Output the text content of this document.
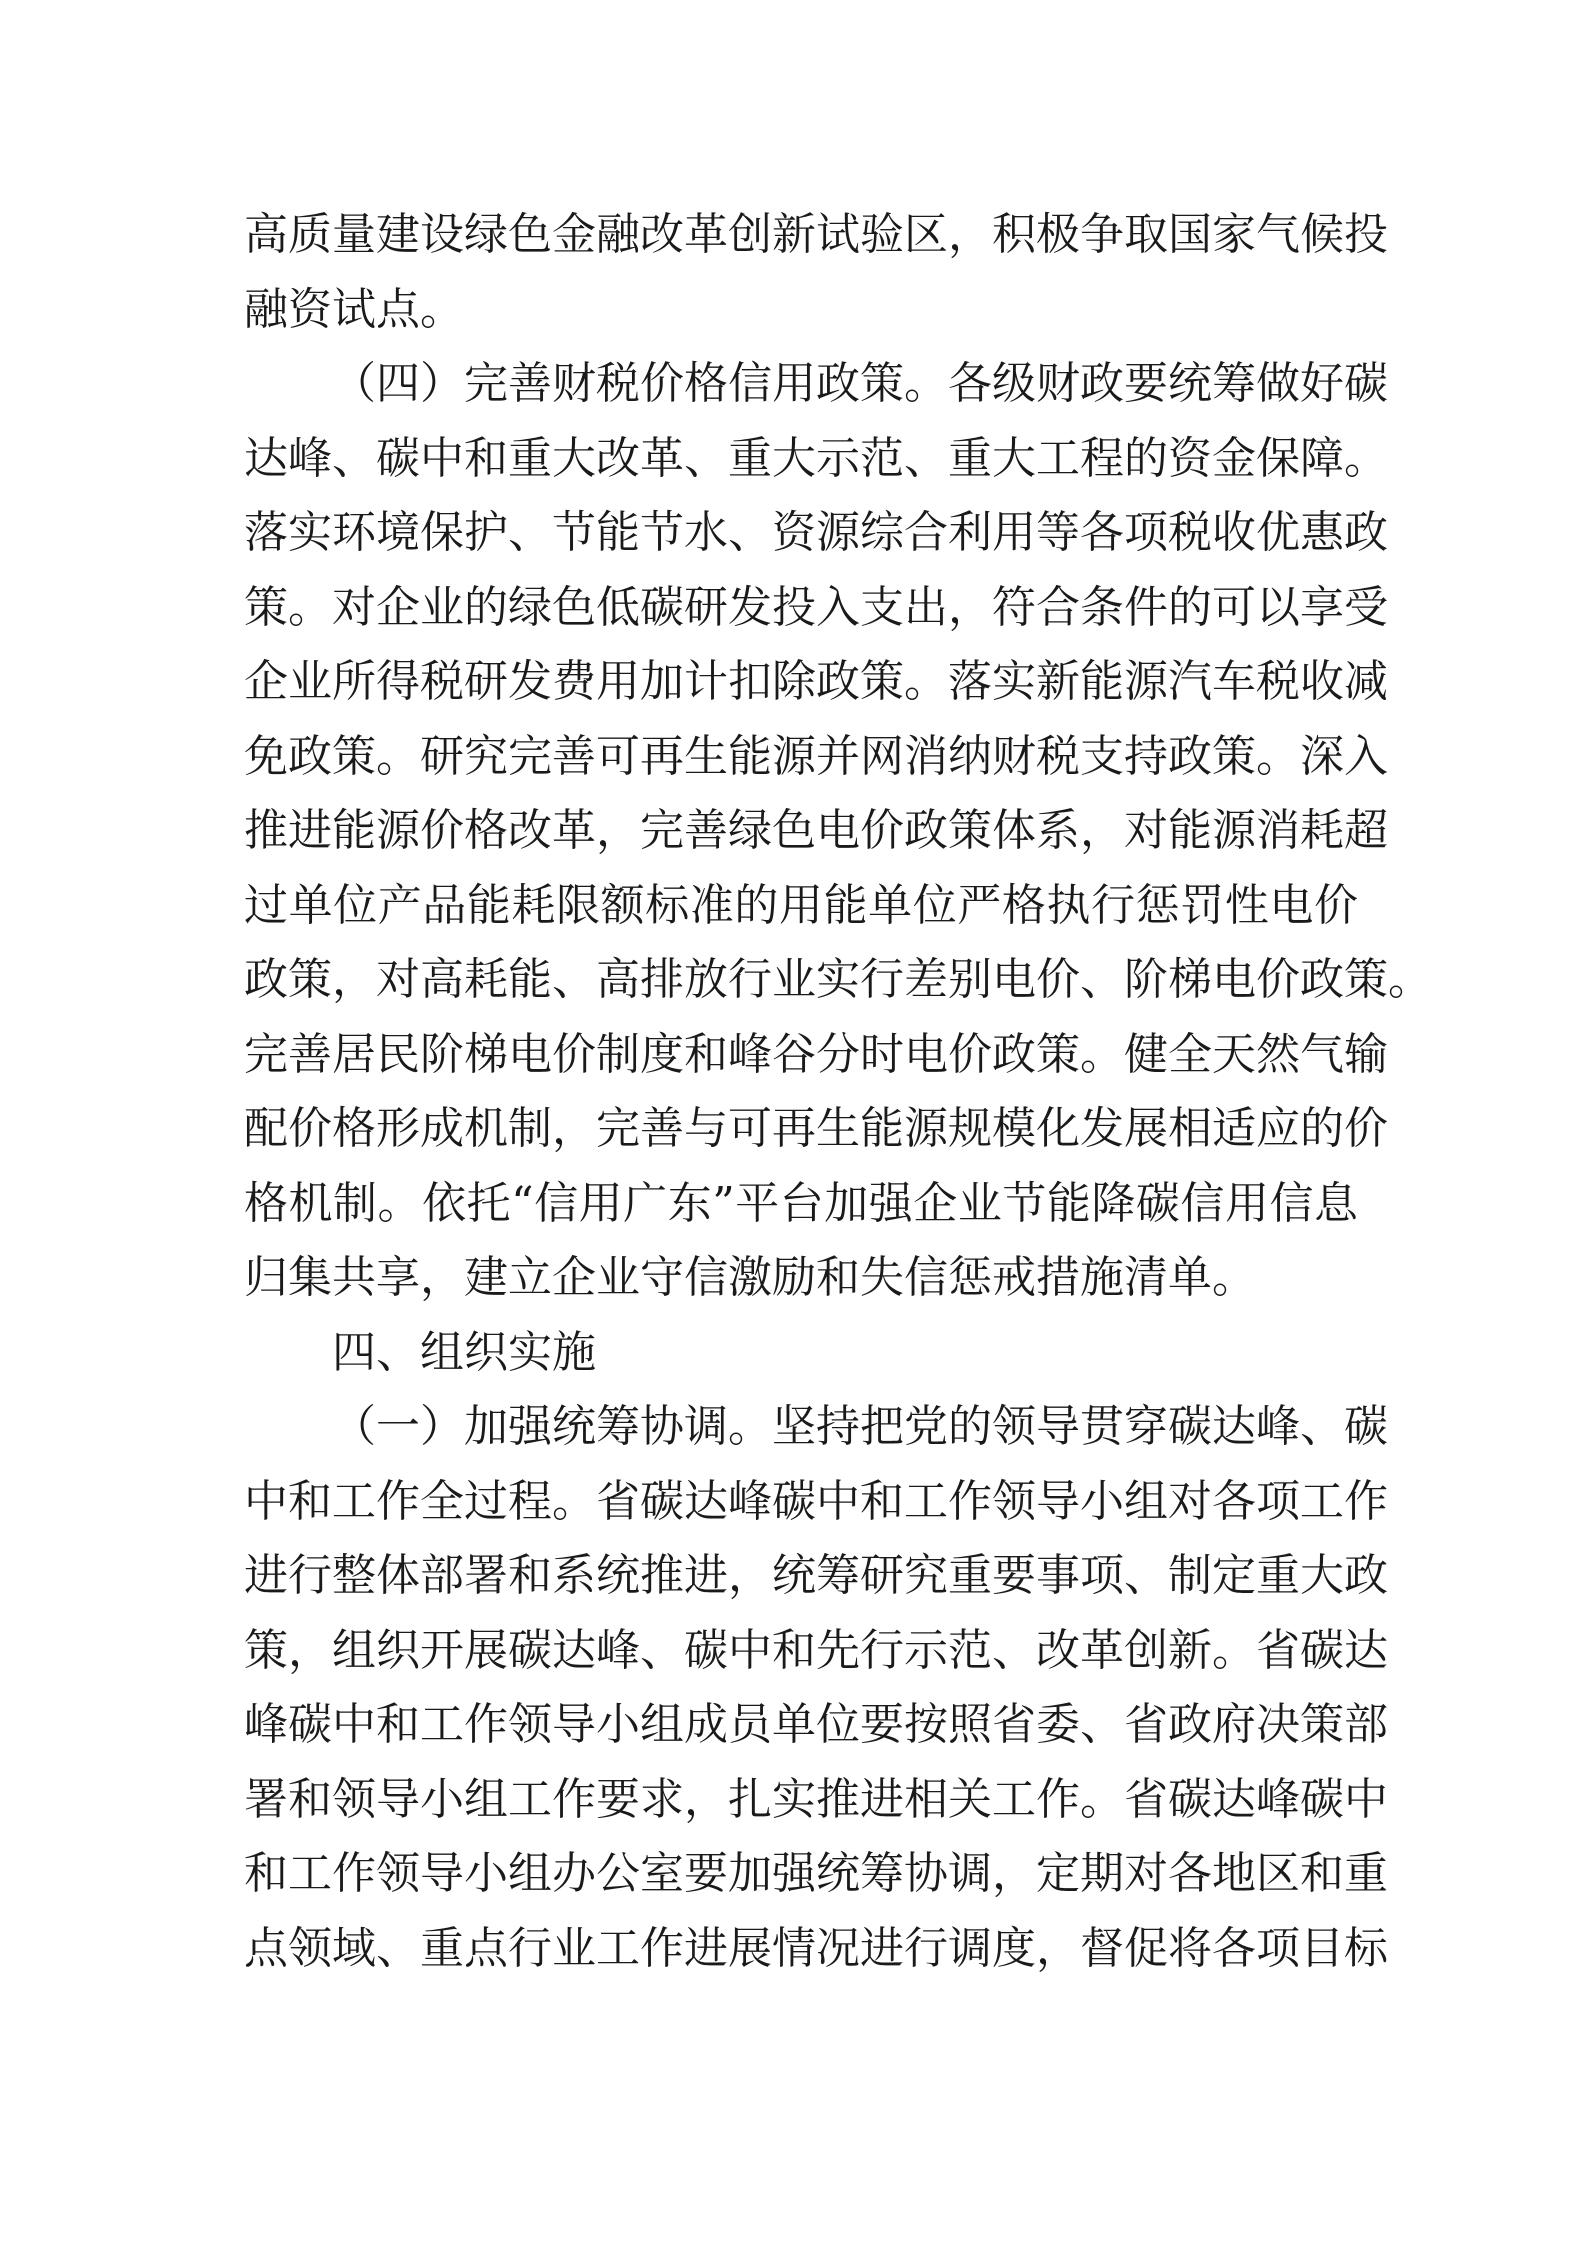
高质量建设绿色金融改革创新试验区，积极争取国家气候投
融资试点。
（四）完善财税价格信用政策。各级财政要统筹做好碳
达峰、碳中和重大改革、重大示范、重大工程的资金保障。
落实环境保护、节能节水、资源综合利用等各项税收优惠政
策。对企业的绿色低碳研发投入支出，符合条件的可以享受
企业所得税研发费用加计扣除政策。落实新能源汽车税收减
免政策。研究完善可再生能源并网消纳财税支持政策。深入
推进能源价格改革，完善绿色电价政策体系，对能源消耗超
过单位产品能耗限额标准的用能单位严格执行惩罚性电价
政策，对高耗能、高排放行业实行差别电价、阶梯电价政策。
完善居民阶梯电价制度和峰谷分时电价政策。健全天然气输
配价格形成机制，完善与可再生能源规模化发展相适应的价
格机制。依托“信用广东”平台加强企业节能降碳信用信息
归集共享，建立企业守信激励和失信惩戒措施清单。
四、组织实施
（一）加强统筹协调。坚持把党的领导贯穿碳达峰、碳
中和工作全过程。省碳达峰碳中和工作领导小组对各项工作
进行整体部署和系统推进，统筹研究重要事项、制定重大政
策，组织开展碳达峰、碳中和先行示范、改革创新。省碳达
峰碳中和工作领导小组成员单位要按照省委、省政府决策部
署和领导小组工作要求，扎实推进相关工作。省碳达峰碳中
和工作领导小组办公室要加强统筹协调，定期对各地区和重
点领域、重点行业工作进展情况进行调度，督促将各项目标
